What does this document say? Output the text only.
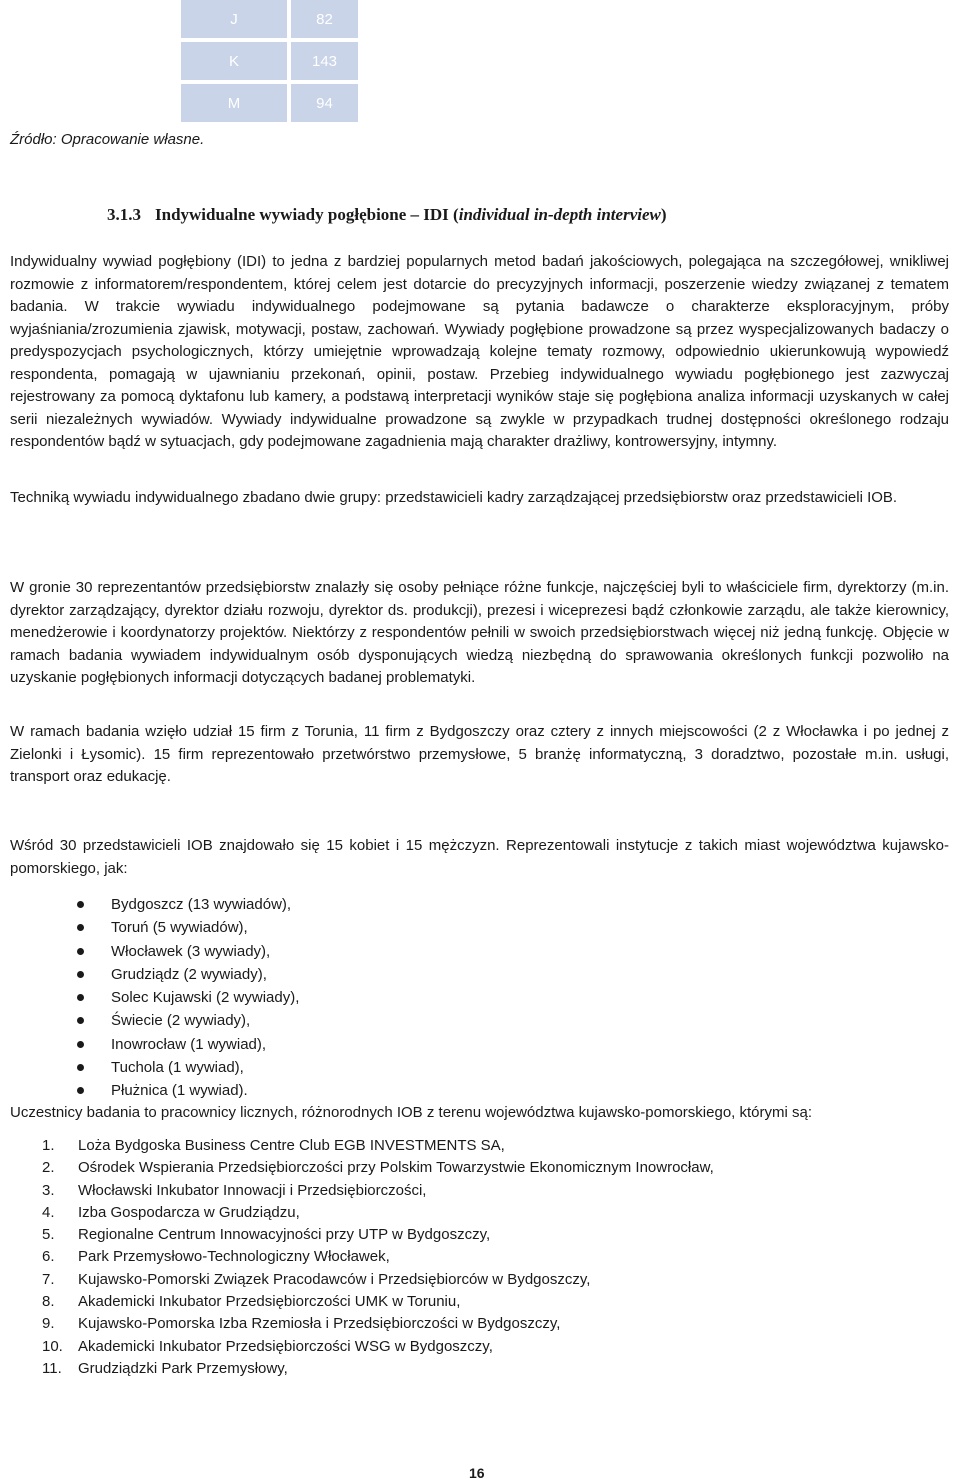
J	82
K	143
M	94
Źródło: Opracowanie własne.
3.1.3 Indywidualne wywiady pogłębione – IDI (individual in-depth interview)

Indywidualny wywiad pogłębiony (IDI) to jedna z bardziej popularnych metod badań jakościowych, polegająca na szczegółowej, wnikliwej rozmowie z informatorem/respondentem, której celem jest dotarcie do precyzyjnych informacji, poszerzenie wiedzy związanej z tematem badania. W trakcie wywiadu indywidualnego podejmowane są pytania badawcze o charakterze eksploracyjnym, próby wyjaśniania/zrozumienia zjawisk, motywacji, postaw, zachowań. Wywiady pogłębione prowadzone są przez wyspecjalizowanych badaczy o predyspozycjach psychologicznych, którzy umiejętnie wprowadzają kolejne tematy rozmowy, odpowiednio ukierunkowują wypowiedź respondenta, pomagają w ujawnianiu przekonań, opinii, postaw. Przebieg indywidualnego wywiadu pogłębionego jest zazwyczaj rejestrowany za pomocą dyktafonu lub kamery, a podstawą interpretacji wyników staje się pogłębiona analiza informacji uzyskanych w całej serii niezależnych wywiadów. Wywiady indywidualne prowadzone są zwykle w przypadkach trudnej dostępności określonego rodzaju respondentów bądź w sytuacjach, gdy podejmowane zagadnienia mają charakter drażliwy, kontrowersyjny, intymny.

Techniką wywiadu indywidualnego zbadano dwie grupy: przedstawicieli kadry zarządzającej przedsiębiorstw oraz przedstawicieli IOB.

W gronie 30 reprezentantów przedsiębiorstw znalazły się osoby pełniące różne funkcje, najczęściej byli to właściciele firm, dyrektorzy (m.in. dyrektor zarządzający, dyrektor działu rozwoju, dyrektor ds. produkcji), prezesi i wiceprezesi bądź członkowie zarządu, ale także kierownicy, menedżerowie i koordynatorzy projektów. Niektórzy z respondentów pełnili w swoich przedsiębiorstwach więcej niż jedną funkcję. Objęcie w ramach badania wywiadem indywidualnym osób dysponujących wiedzą niezbędną do sprawowania określonych funkcji pozwoliło na uzyskanie pogłębionych informacji dotyczących badanej problematyki.

W ramach badania wzięło udział 15 firm z Torunia, 11 firm z Bydgoszczy oraz cztery z innych miejscowości (2 z Włocławka i po jednej z Zielonki i Łysomic). 15 firm reprezentowało przetwórstwo przemysłowe, 5 branżę informatyczną, 3 doradztwo, pozostałe m.in. usługi, transport oraz edukację.

Wśród 30 przedstawicieli IOB znajdowało się 15 kobiet i 15 mężczyzn. Reprezentowali instytucje z takich miast województwa kujawsko-pomorskiego, jak:

Bydgoszcz (13 wywiadów),
Toruń (5 wywiadów),
Włocławek (3 wywiady),
Grudziądz (2 wywiady),
Solec Kujawski (2 wywiady),
Świecie (2 wywiady),
Inowrocław (1 wywiad),
Tuchola (1 wywiad),
Płużnica (1 wywiad).

Uczestnicy badania to pracownicy licznych, różnorodnych IOB z terenu województwa kujawsko-pomorskiego, którymi są:

1. Loża Bydgoska Business Centre Club EGB INVESTMENTS SA,
2. Ośrodek Wspierania Przedsiębiorczości przy Polskim Towarzystwie Ekonomicznym Inowrocław,
3. Włocławski Inkubator Innowacji i Przedsiębiorczości,
4. Izba Gospodarcza w Grudziądzu,
5. Regionalne Centrum Innowacyjności przy UTP w Bydgoszczy,
6. Park Przemysłowo-Technologiczny Włocławek,
7. Kujawsko-Pomorski Związek Pracodawców i Przedsiębiorców w Bydgoszczy,
8. Akademicki Inkubator Przedsiębiorczości UMK w Toruniu,
9. Kujawsko-Pomorska Izba Rzemiosła i Przedsiębiorczości w Bydgoszczy,
10. Akademicki Inkubator Przedsiębiorczości WSG w Bydgoszczy,
11. Grudziądzki Park Przemysłowy,
16
